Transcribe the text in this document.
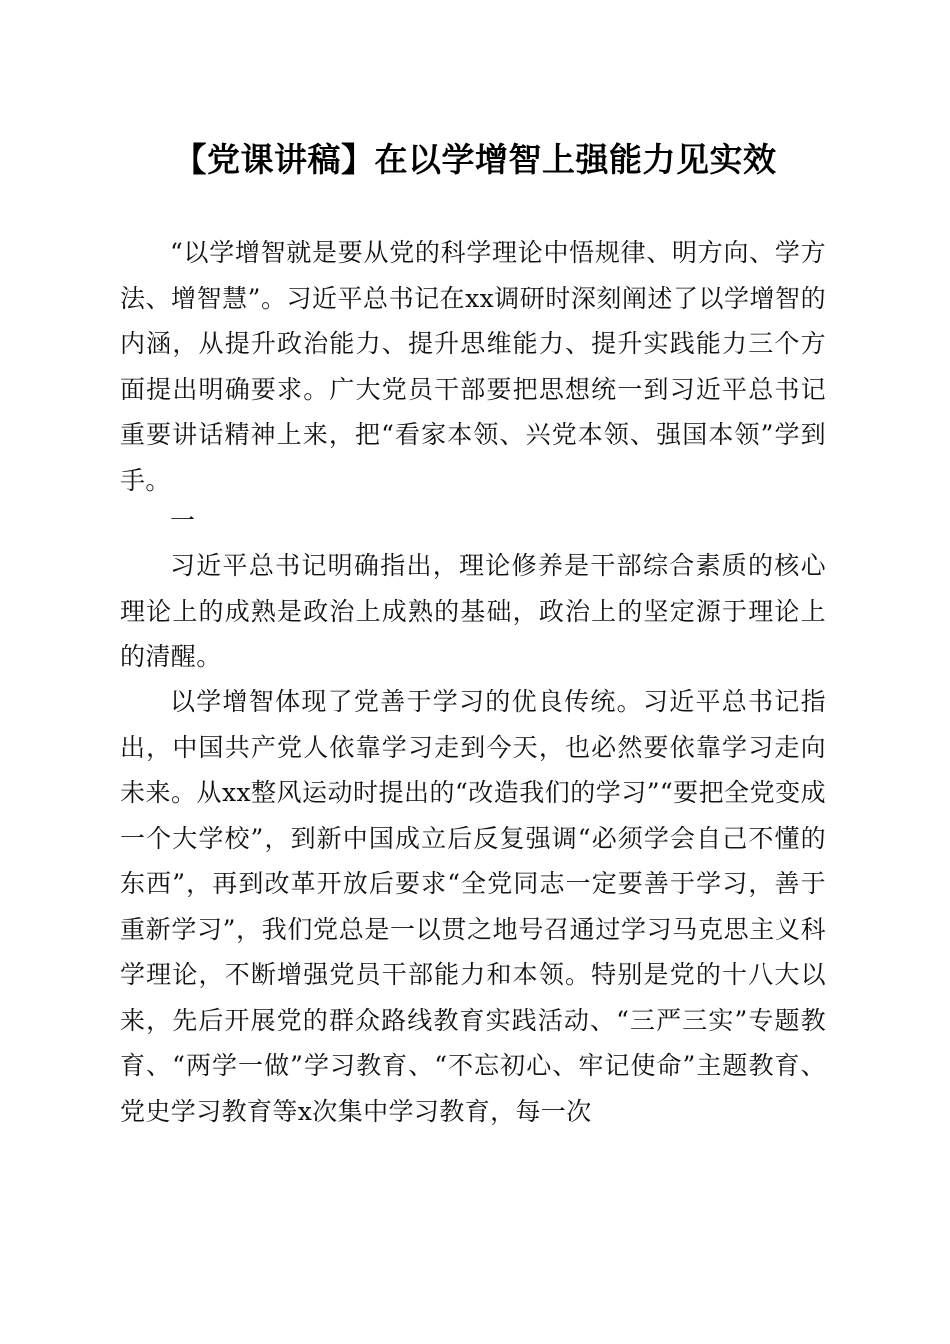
【党课讲稿】在以学增智上强能力见实效

“以学增智就是要从党的科学理论中悟规律、明方向、学方法、增智慧”。习近平总书记在xx调研时深刻阐述了以学增智的内涵，从提升政治能力、提升思维能力、提升实践能力三个方面提出明确要求。广大党员干部要把思想统一到习近平总书记重要讲话精神上来，把“看家本领、兴党本领、强国本领”学到手。

一

习近平总书记明确指出，理论修养是干部综合素质的核心理论上的成熟是政治上成熟的基础，政治上的坚定源于理论上的清醒。

以学增智体现了党善于学习的优良传统。习近平总书记指出，中国共产党人依靠学习走到今天，也必然要依靠学习走向未来。从xx整风运动时提出的“改造我们的学习”“要把全党变成一个大学校”，到新中国成立后反复强调“必须学会自己不懂的东西”，再到改革开放后要求“全党同志一定要善于学习，善于重新学习”，我们党总是一以贯之地号召通过学习马克思主义科学理论，不断增强党员干部能力和本领。特别是党的十八大以来，先后开展党的群众路线教育实践活动、“三严三实”专题教育、“两学一做”学习教育、“不忘初心、牢记使命”主题教育、党史学习教育等x次集中学习教育，每一次
